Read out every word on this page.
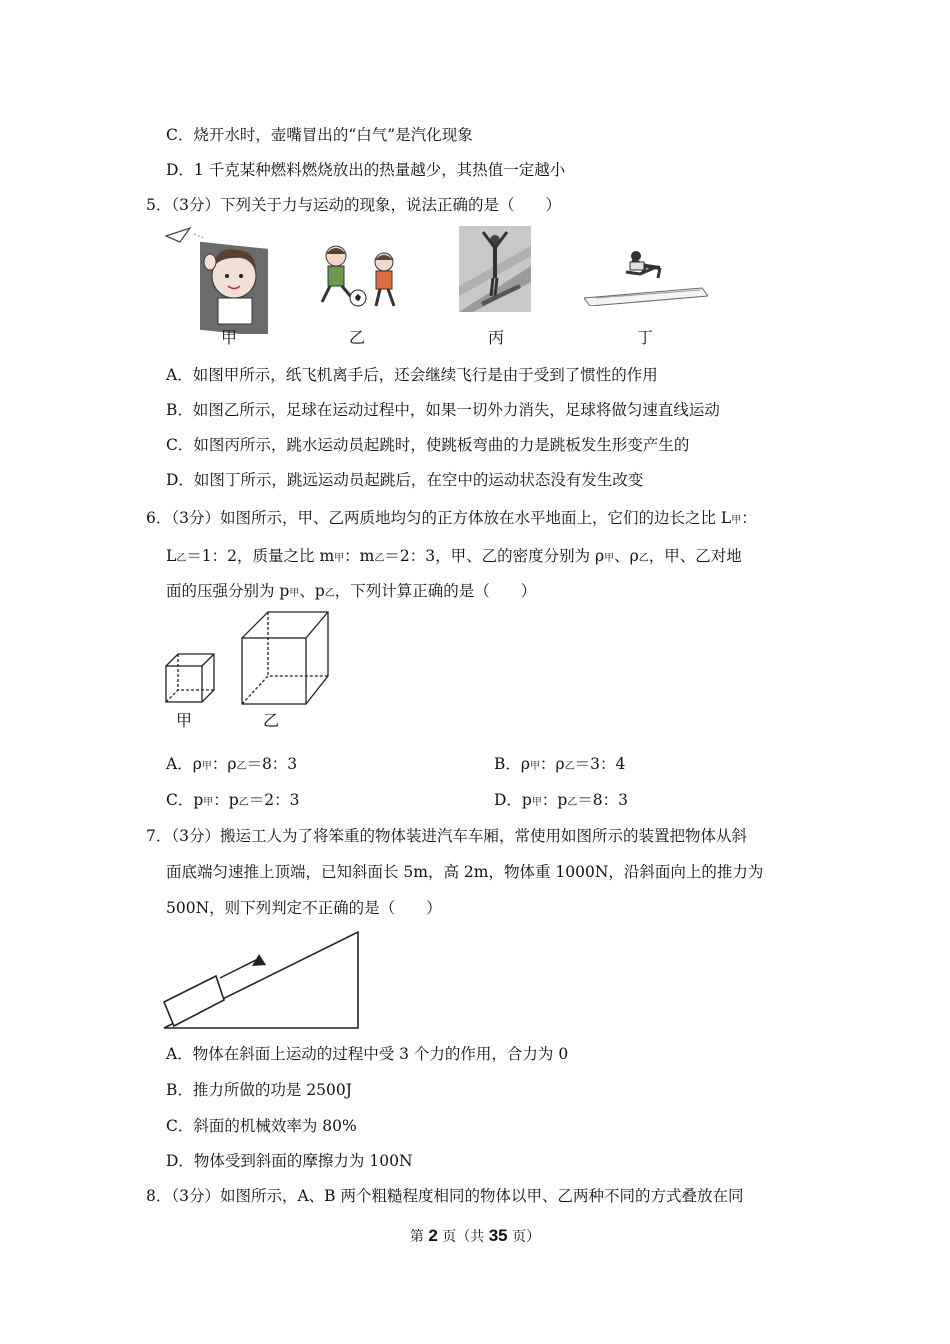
C．烧开水时，壶嘴冒出的“白气”是汽化现象
D．1 千克某种燃料燃烧放出的热量越少，其热值一定越小
5．（3分）下列关于力与运动的现象，说法正确的是（　　）
甲	乙	丙	丁
A．如图甲所示，纸飞机离手后，还会继续飞行是由于受到了惯性的作用
B．如图乙所示，足球在运动过程中，如果一切外力消失，足球将做匀速直线运动
C．如图丙所示，跳水运动员起跳时，使跳板弯曲的力是跳板发生形变产生的
D．如图丁所示，跳远运动员起跳后，在空中的运动状态没有发生改变
6．（3分）如图所示，甲、乙两质地均匀的正方体放在水平地面上，它们的边长之比 L甲：
L乙＝1：2，质量之比 m甲：m乙＝2：3，甲、乙的密度分别为 ρ甲、ρ乙，甲、乙对地
面的压强分别为 p甲、p乙，下列计算正确的是（　　）
甲	乙
A．ρ甲：ρ乙＝8：3	B．ρ甲：ρ乙＝3：4
C．p甲：p乙＝2：3	D．p甲：p乙＝8：3
7．（3分）搬运工人为了将笨重的物体装进汽车车厢，常使用如图所示的装置把物体从斜
面底端匀速推上顶端，已知斜面长 5m，高 2m，物体重 1000N，沿斜面向上的推力为
500N，则下列判定不正确的是（　　）
A．物体在斜面上运动的过程中受 3 个力的作用，合力为 0
B．推力所做的功是 2500J
C．斜面的机械效率为 80%
D．物体受到斜面的摩擦力为 100N
8．（3分）如图所示，A、B 两个粗糙程度相同的物体以甲、乙两种不同的方式叠放在同
第 2 页（共 35 页）
